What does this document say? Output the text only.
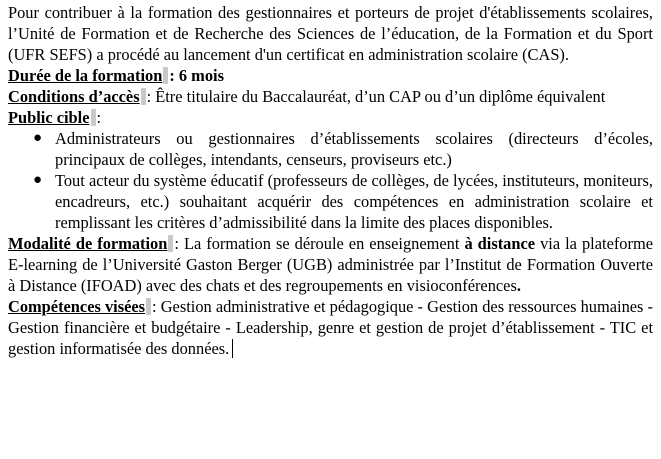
Pour contribuer à la formation des gestionnaires et porteurs de projet d'établissements scolaires, l’Unité de Formation et de Recherche des Sciences de l’éducation, de la Formation et du Sport (UFR SEFS) a procédé au lancement d'un certificat en administration scolaire (CAS).

Durée de la formation : 6 mois

Conditions d’accès : Être titulaire du Baccalauréat, d’un CAP ou d’un diplôme équivalent

Public cible :

● Administrateurs ou gestionnaires d’établissements scolaires (directeurs d’écoles, principaux de collèges, intendants, censeurs, proviseurs etc.)
● Tout acteur du système éducatif (professeurs de collèges, de lycées, instituteurs, moniteurs, encadreurs, etc.) souhaitant acquérir des compétences en administration scolaire et remplissant les critères d’admissibilité dans la limite des places disponibles.

Modalité de formation : La formation se déroule en enseignement à distance via la plateforme E-learning de l’Université Gaston Berger (UGB) administrée par l’Institut de Formation Ouverte à Distance (IFOAD) avec des chats et des regroupements en visioconférences.

Compétences visées : Gestion administrative et pédagogique - Gestion des ressources humaines - Gestion financière et budgétaire - Leadership, genre et gestion de projet d’établissement - TIC et gestion informatisée des données.
